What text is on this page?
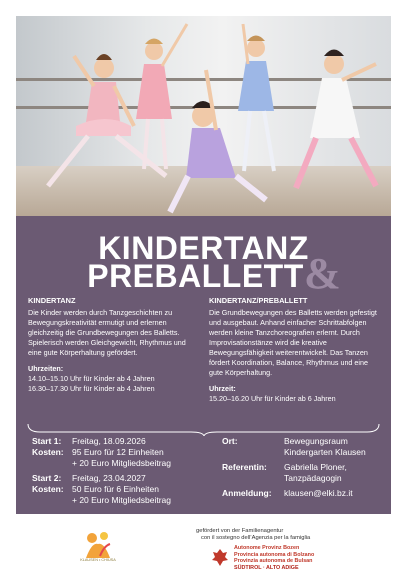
KINDERTANZ
PREBALLETT &
KINDERTANZ
Die Kinder werden durch Tanzgeschichten zu Bewegungskreativität ermutigt und erlernen gleichzeitig die Grundbewegungen des Balletts. Spielerisch werden Gleichgewicht, Rhythmus und eine gute Körperhaltung gefördert.
Uhrzeiten:
14.10–15.10 Uhr für Kinder ab 4 Jahren
16.30–17.30 Uhr für Kinder ab 4 Jahren
KINDERTANZ/PREBALLETT
Die Grundbewegungen des Balletts werden gefestigt und ausgebaut. Anhand einfacher Schrittabfolgen werden kleine Tanzchoreografien erlernt. Durch Improvisationstänze wird die kreative Bewegungsfähigkeit weiterentwickelt. Das Tanzen fördert Koordination, Balance, Rhythmus und eine gute Körperhaltung.
Uhrzeit:
15.20–16.20 Uhr für Kinder ab 6 Jahren
Start 1:	Freitag, 18.09.2026
Kosten: 95 Euro für 12 Einheiten
+ 20 Euro Mitgliedsbeitrag
Start 2:	Freitag, 23.04.2027
Kosten: 50 Euro für 6 Einheiten
+ 20 Euro Mitgliedsbeitrag
Ort:	Bewegungsraum
Kindergarten Klausen
Referentin:	Gabriella Ploner,
Tanzpädagogin
Anmeldung:	klausen@elki.bz.it
KLAUSEN • CHIUSA
gefördert von der Familienagentur
con il sostegno dell’Agenzia per la famiglia
Autonome Provinz Bozen
Provincia autonoma di Bolzano
Provinzia autonoma de Bulsan
SÜDTIROL · ALTO ADIGE
